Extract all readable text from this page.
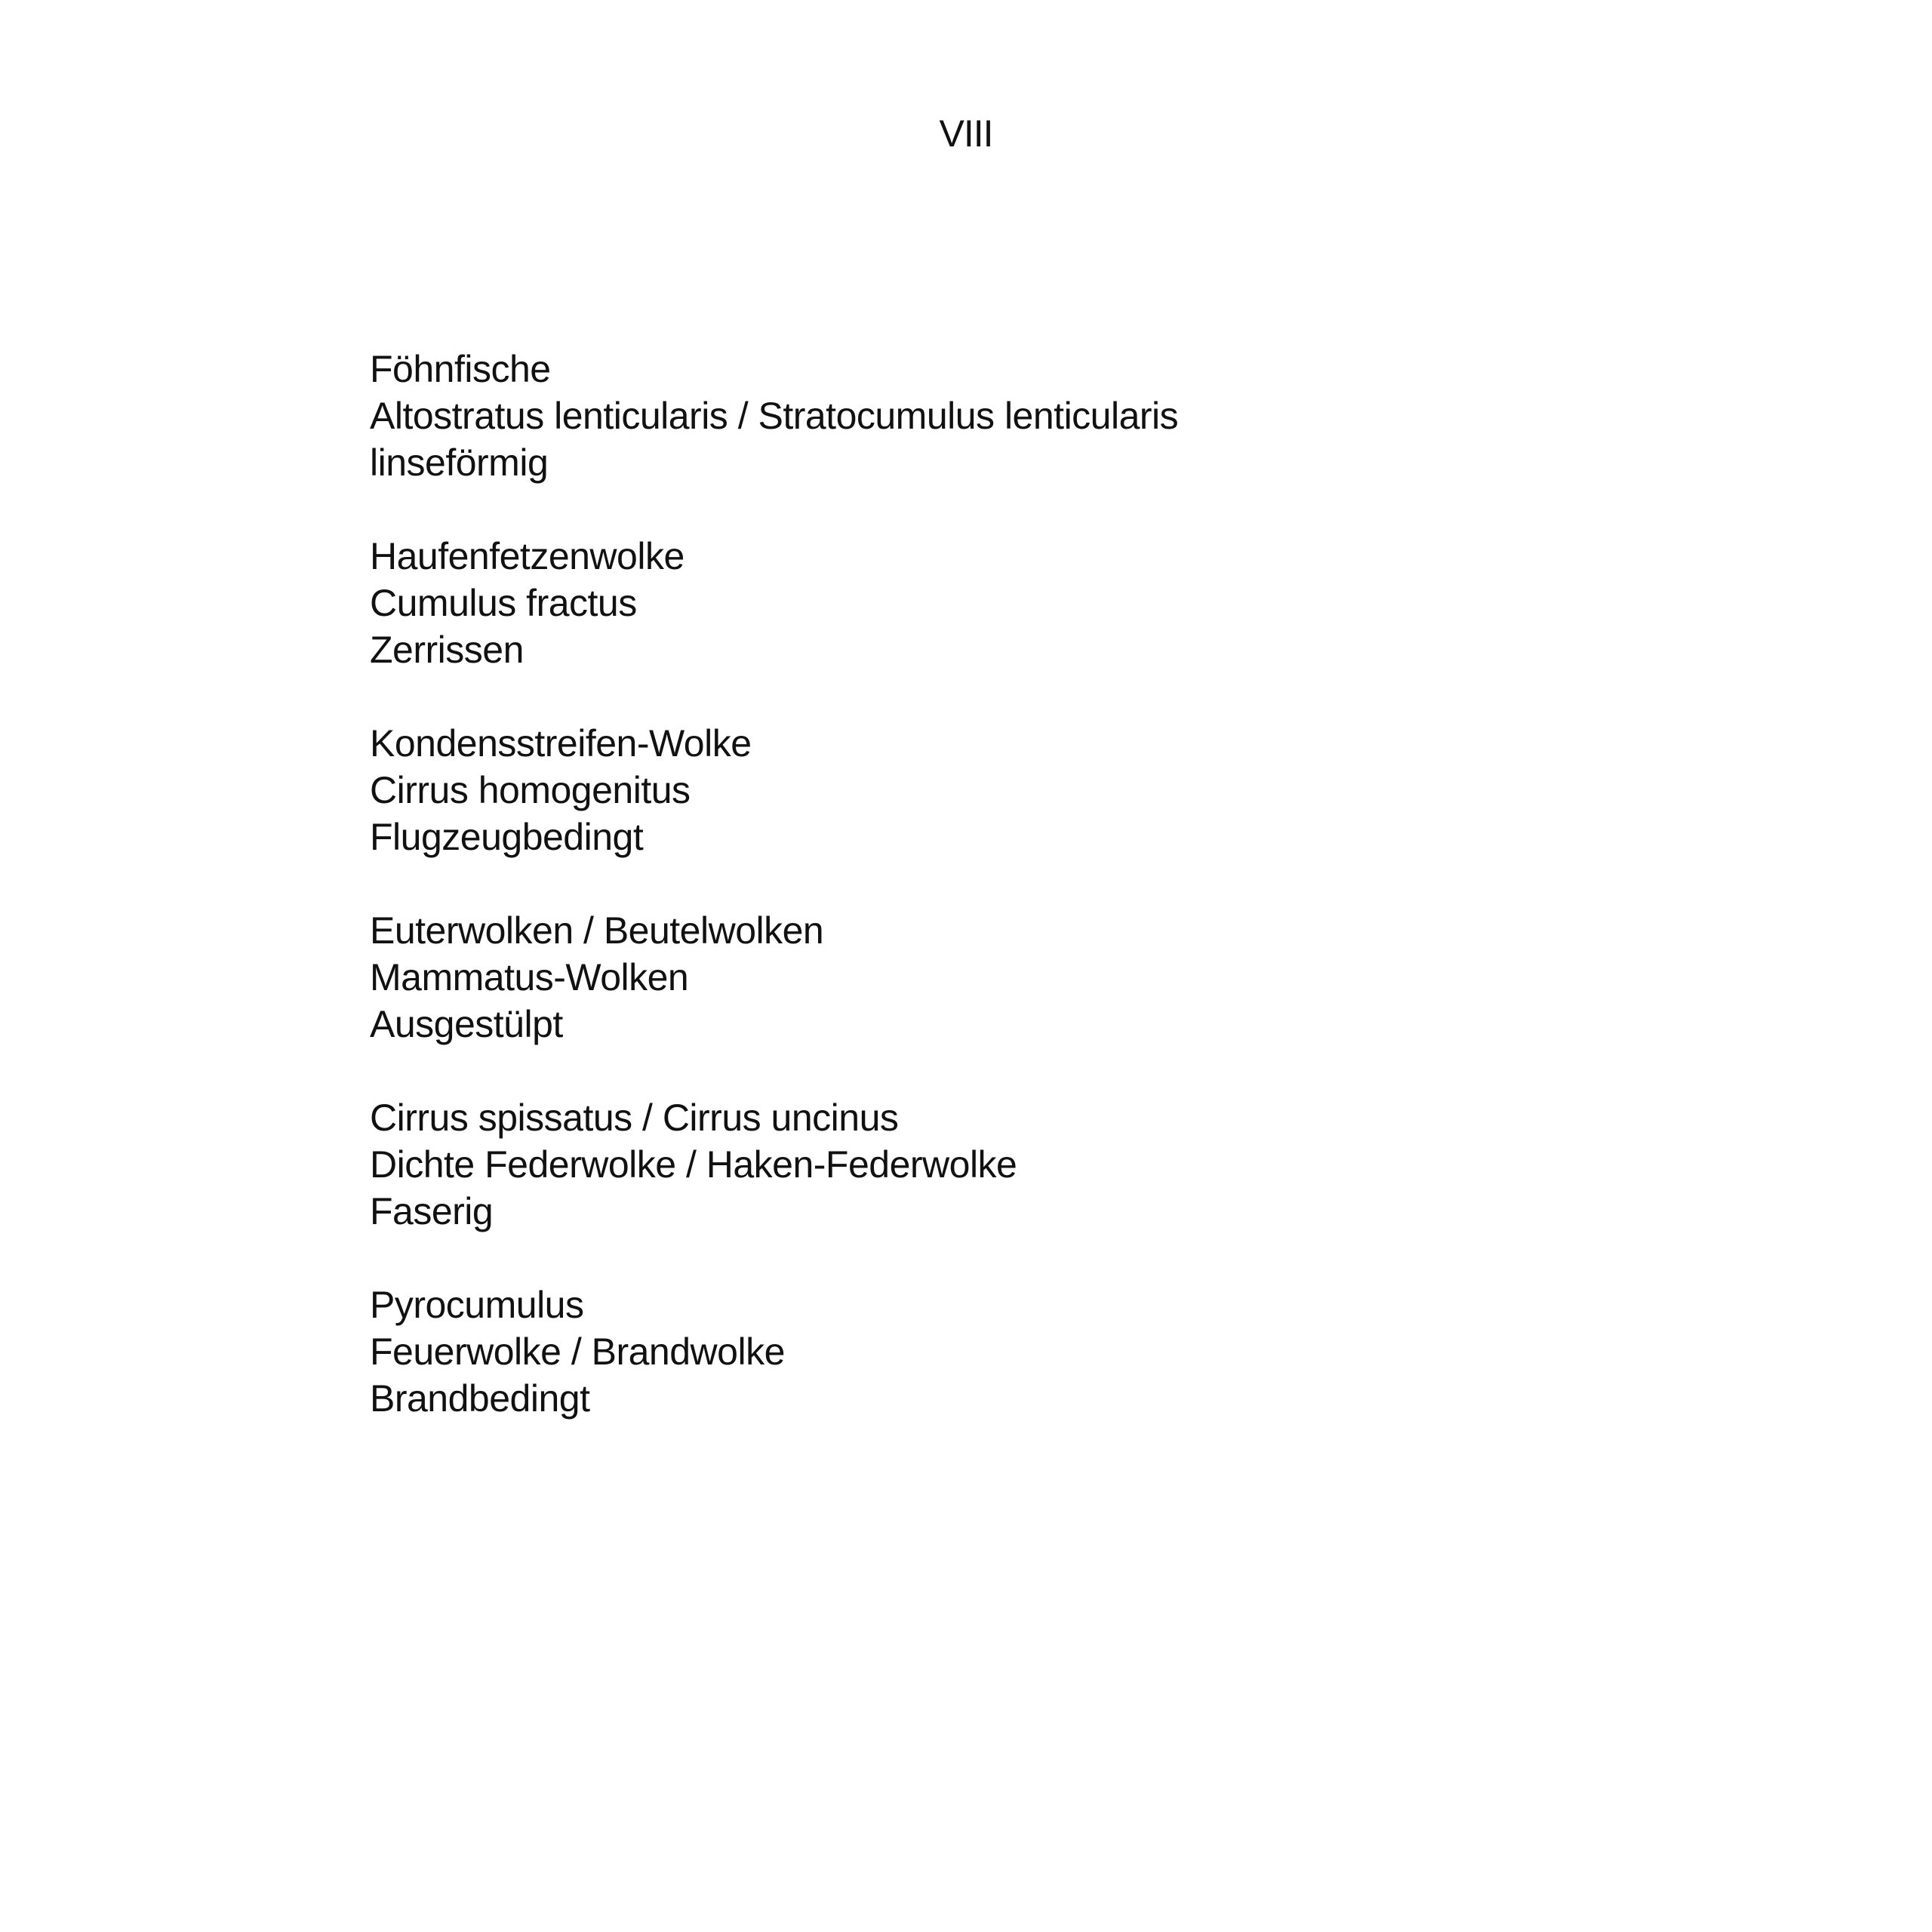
VIII
Föhnfische
Altostratus lenticularis / Stratocumulus lenticularis
linseförmig
Haufenfetzenwolke
Cumulus fractus
Zerrissen
Kondensstreifen-Wolke
Cirrus homogenitus
Flugzeugbedingt
Euterwolken / Beutelwolken
Mammatus-Wolken
Ausgestülpt
Cirrus spissatus / Cirrus uncinus
Dichte Federwolke / Haken-Federwolke
Faserig
Pyrocumulus
Feuerwolke / Brandwolke
Brandbedingt
